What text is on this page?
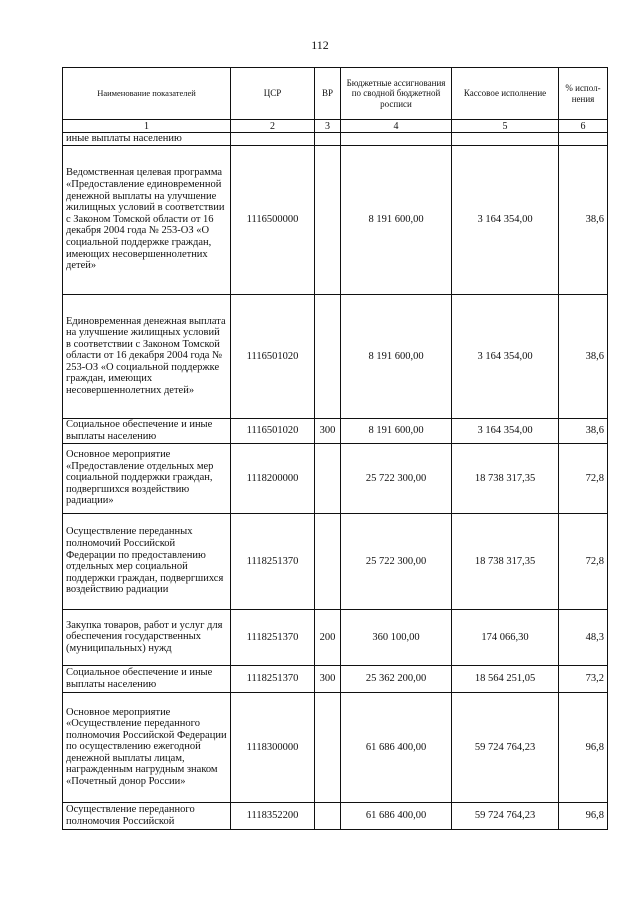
112
Наименование показателей	ЦСР	ВР	Бюджетные ассигнования по сводной бюджетной росписи	Кассовое исполнение	% испол-нения
1	2	3	4	5	6
иные выплаты населению					
Ведомственная целевая программа «Предоставление единовременной денежной выплаты на улучшение жилищных условий в соответствии с Законом Томской области от 16 декабря 2004 года № 253-ОЗ «О социальной поддержке граждан, имеющих несовершеннолетних детей»	1116500000		8 191 600,00	3 164 354,00	38,6
Единовременная денежная выплата на улучшение жилищных условий в соответствии с Законом Томской области от 16 декабря 2004 года № 253-ОЗ «О социальной поддержке граждан, имеющих несовершеннолетних детей»	1116501020		8 191 600,00	3 164 354,00	38,6
Социальное обеспечение и иные выплаты населению	1116501020	300	8 191 600,00	3 164 354,00	38,6
Основное мероприятие «Предоставление отдельных мер социальной поддержки граждан, подвергшихся воздействию радиации»	1118200000		25 722 300,00	18 738 317,35	72,8
Осуществление переданных полномочий Российской Федерации по предоставлению отдельных мер социальной поддержки граждан, подвергшихся воздействию радиации	1118251370		25 722 300,00	18 738 317,35	72,8
Закупка товаров, работ и услуг для обеспечения государственных (муниципальных) нужд	1118251370	200	360 100,00	174 066,30	48,3
Социальное обеспечение и иные выплаты населению	1118251370	300	25 362 200,00	18 564 251,05	73,2
Основное мероприятие «Осуществление переданного полномочия Российской Федерации по осуществлению ежегодной денежной выплаты лицам, награжденным нагрудным знаком «Почетный донор России»	1118300000		61 686 400,00	59 724 764,23	96,8
Осуществление переданного полномочия Российской	1118352200		61 686 400,00	59 724 764,23	96,8
